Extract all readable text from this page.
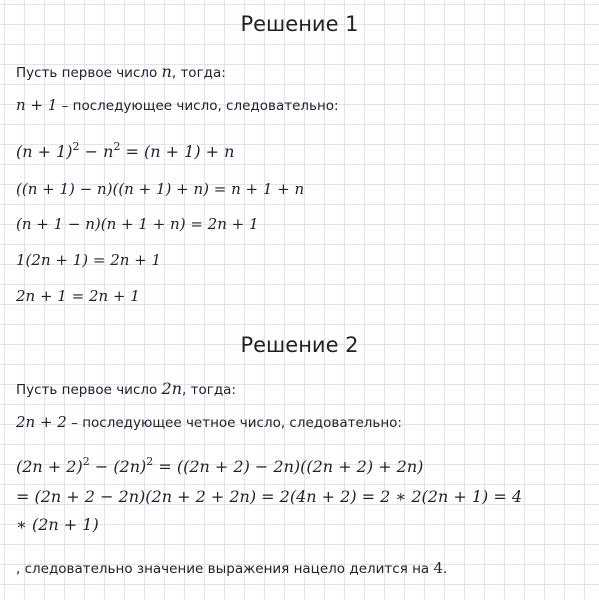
Решение 1
Пусть первое число n, тогда:
n + 1 – последующее число, следовательно:
$(n + 1)^2 - n^2 = (n + 1) + n$
((n + 1) − n)((n + 1) + n) = n + 1 + n
(n + 1 − n)(n + 1 + n) = 2n + 1
1(2n + 1) = 2n + 1
2n + 1 = 2n + 1
Решение 2
Пусть первое число 2n, тогда:
2n + 2 – последующее четное число, следовательно:
$(2n + 2)^2 - (2n)^2 = ((2n + 2) - 2n)((2n + 2) + 2n)$
= (2n + 2 − 2n)(2n + 2 + 2n) = 2(4n + 2) = 2 ∗ 2(2n + 1) = 4
∗ (2n + 1)
, следовательно значение выражения нацело делится на 4.
